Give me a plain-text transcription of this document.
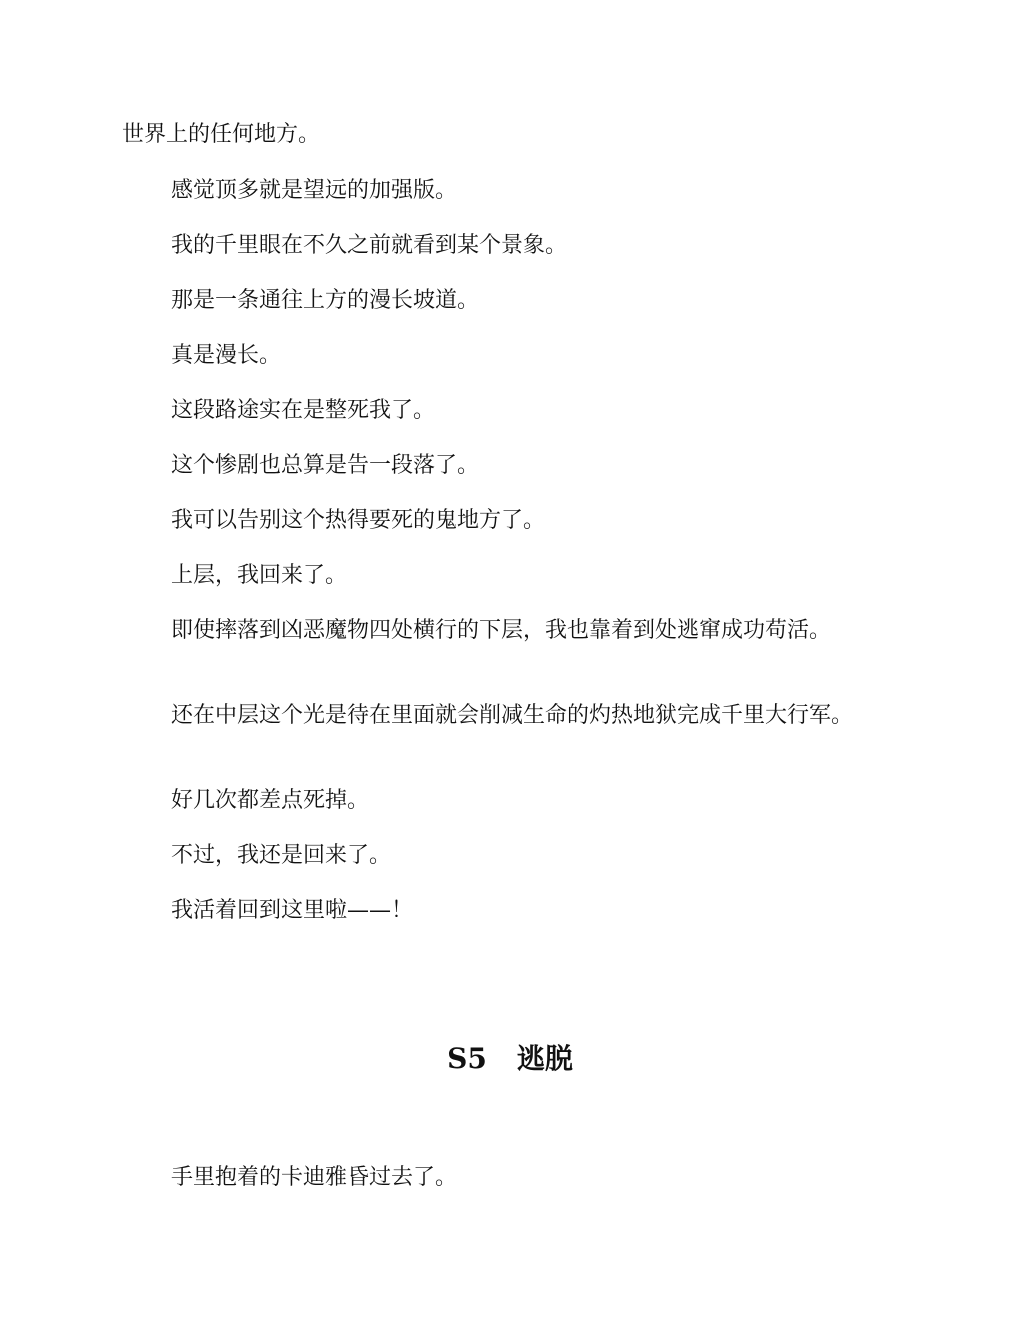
世界上的任何地方。

感觉顶多就是望远的加强版。

我的千里眼在不久之前就看到某个景象。

那是一条通往上方的漫长坡道。

真是漫长。

这段路途实在是整死我了。

这个惨剧也总算是告一段落了。

我可以告别这个热得要死的鬼地方了。

上层，我回来了。

即使摔落到凶恶魔物四处横行的下层，我也靠着到处逃窜成功苟活。

还在中层这个光是待在里面就会削减生命的灼热地狱完成千里大行军。

好几次都差点死掉。

不过，我还是回来了。

我活着回到这里啦——！

S5 逃脱

手里抱着的卡迪雅昏过去了。
